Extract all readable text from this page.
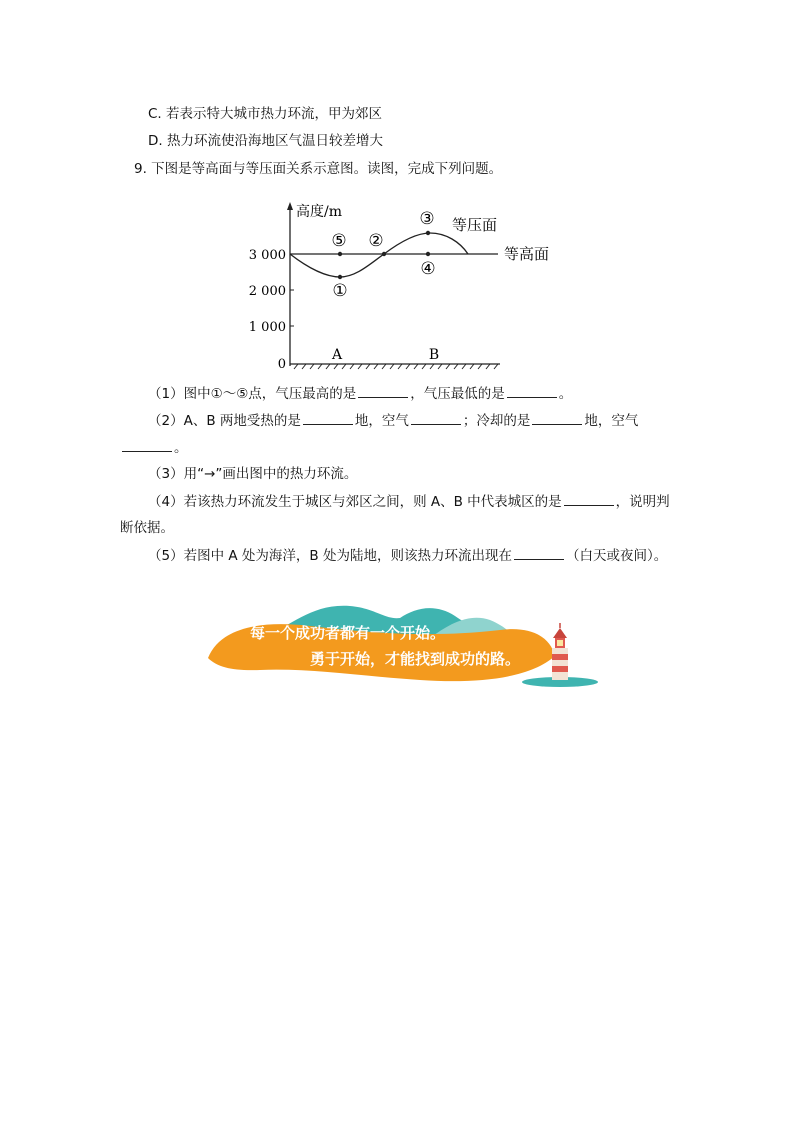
C. 若表示特大城市热力环流，甲为郊区
D. 热力环流使沿海地区气温日较差增大
9. 下图是等高面与等压面关系示意图。读图，完成下列问题。
高度/m
3 000
2 000
1 000
0
A	B
等高面
等压面
①
②
③
④
⑤
（1）图中①～⑤点，气压最高的是	，气压最低的是	。
（2）A、B 两地受热的是	地，空气	；冷却的是	地，空气
。
（3）用“→”画出图中的热力环流。
（4）若该热力环流发生于城区与郊区之间，则 A、B 中代表城区的是	，说明判
断依据。
（5）若图中 A 处为海洋，B 处为陆地，则该热力环流出现在	（白天或夜间）。
每一个成功者都有一个开始。
勇于开始，才能找到成功的路。
